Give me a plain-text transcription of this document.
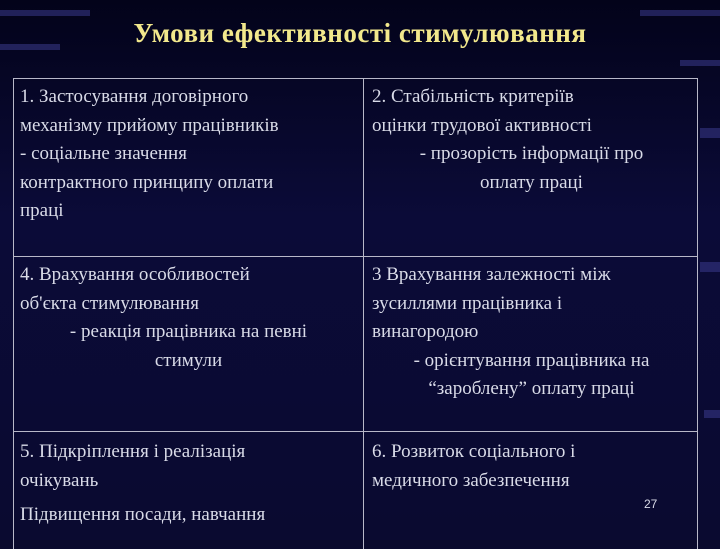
Умови ефективності стимулювання
1. Застосування договірного
механізму прийому працівників
- соціальне значення
контрактного принципу оплати
праці
2. Стабільність критеріїв
оцінки трудової активності
- прозорість інформації про
оплату праці
4. Врахування особливостей
об'єкта стимулювання
- реакція працівника на певні
стимули
3 Врахування залежності між
зусиллями працівника і
винагородою
- орієнтування працівника на
“зароблену” оплату праці
5. Підкріплення і реалізація
очікувань
Підвищення посади, навчання
6. Розвиток соціального і
медичного забезпечення
27
